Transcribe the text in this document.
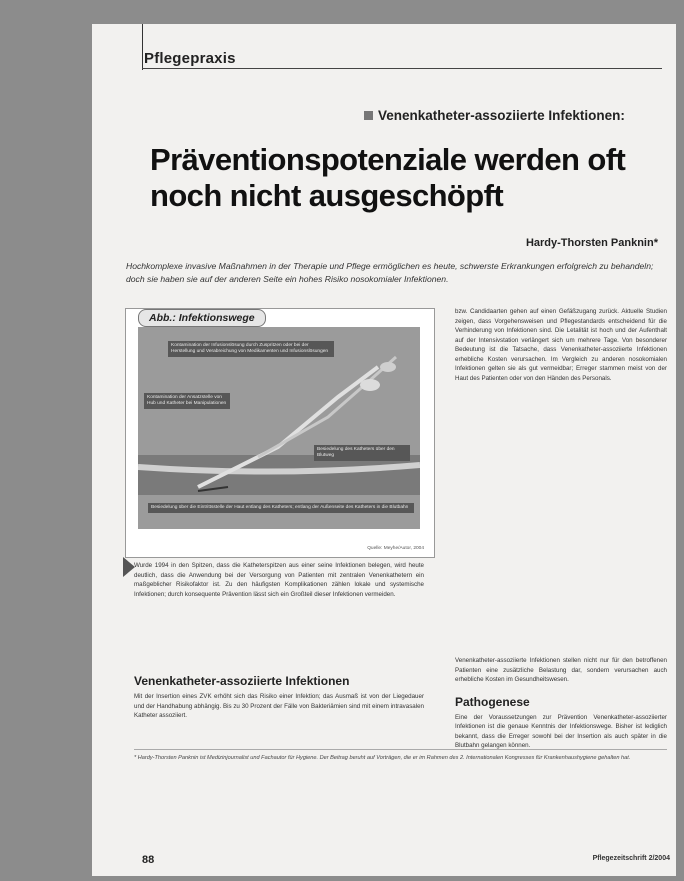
Pflegepraxis
Venenkatheter-assoziierte Infektionen:
Präventionspotenziale werden oft noch nicht ausgeschöpft
Hardy-Thorsten Panknin*
Hochkomplexe invasive Maßnahmen in der Therapie und Pflege ermöglichen es heute, schwerste Erkrankungen erfolgreich zu behandeln; doch sie haben sie auf der anderen Seite ein hohes Risiko nosokomialer Infektionen.
Kontamination der Infusionslösung durch Zuspritzen oder bei der Herstellung und Verabreichung von Medikamenten und Infusionslösungen
Kontamination der Ansatzstelle von Hub und Katheter bei Manipulationen
Besiedelung des Katheters über den Blutweg
Besiedelung über die Eintrittsstelle der Haut entlang des Katheters; entlang der Außenseite des Katheters in die Blutbahn
Abb.: Infektionswege
Quelle: Meyhe/Autor, 2004
Wurde 1994 in den Spitzen, dass die Katheterspitzen aus einer seine Infektionen belegen, wird heute deutlich, dass die Anwendung bei der Versorgung von Patienten mit zentralen Venenkathetern ein maßgeblicher Risikofaktor ist. Zu den häufigsten Komplikationen zählen lokale und systemische Infektionen; durch konsequente Prävention lässt sich ein Großteil dieser Infektionen vermeiden.
Venenkatheter-assoziierte Infektionen
Mit der Insertion eines ZVK erhöht sich das Risiko einer Infektion; das Ausmaß ist von der Liegedauer und der Handhabung abhängig. Bis zu 30 Prozent der Fälle von Bakteriämien sind mit einem intravasalen Katheter assoziiert.
bzw. Candidaarten gehen auf einen Gefäßzugang zurück. Aktuelle Studien zeigen, dass Vorgehensweisen und Pflegestandards entscheidend für die Verhinderung von Infektionen sind. Die Letalität ist hoch und der Aufenthalt auf der Intensivstation verlängert sich um mehrere Tage. Von besonderer Bedeutung ist die Tatsache, dass Venenkatheter-assoziierte Infektionen erhebliche Kosten verursachen. Im Vergleich zu anderen nosokomialen Infektionen gelten sie als gut vermeidbar; Erreger stammen meist von der Haut des Patienten oder von den Händen des Personals.
Venenkatheter-assoziierte Infektionen stellen nicht nur für den betroffenen Patienten eine zusätzliche Belastung dar, sondern verursachen auch erhebliche Kosten im Gesundheitswesen.
Pathogenese
Eine der Voraussetzungen zur Prävention Venenkatheter-assoziierter Infektionen ist die genaue Kenntnis der Infektionswege. Bisher ist lediglich bekannt, dass die Erreger sowohl bei der Insertion als auch später in die Blutbahn gelangen können.
* Hardy-Thorsten Panknin ist Medizinjournalist und Fachautor für Hygiene. Der Beitrag beruht auf Vorträgen, die er im Rahmen des 2. Internationalen Kongresses für Krankenhaushygiene gehalten hat.
88	Pflegezeitschrift 2/2004
